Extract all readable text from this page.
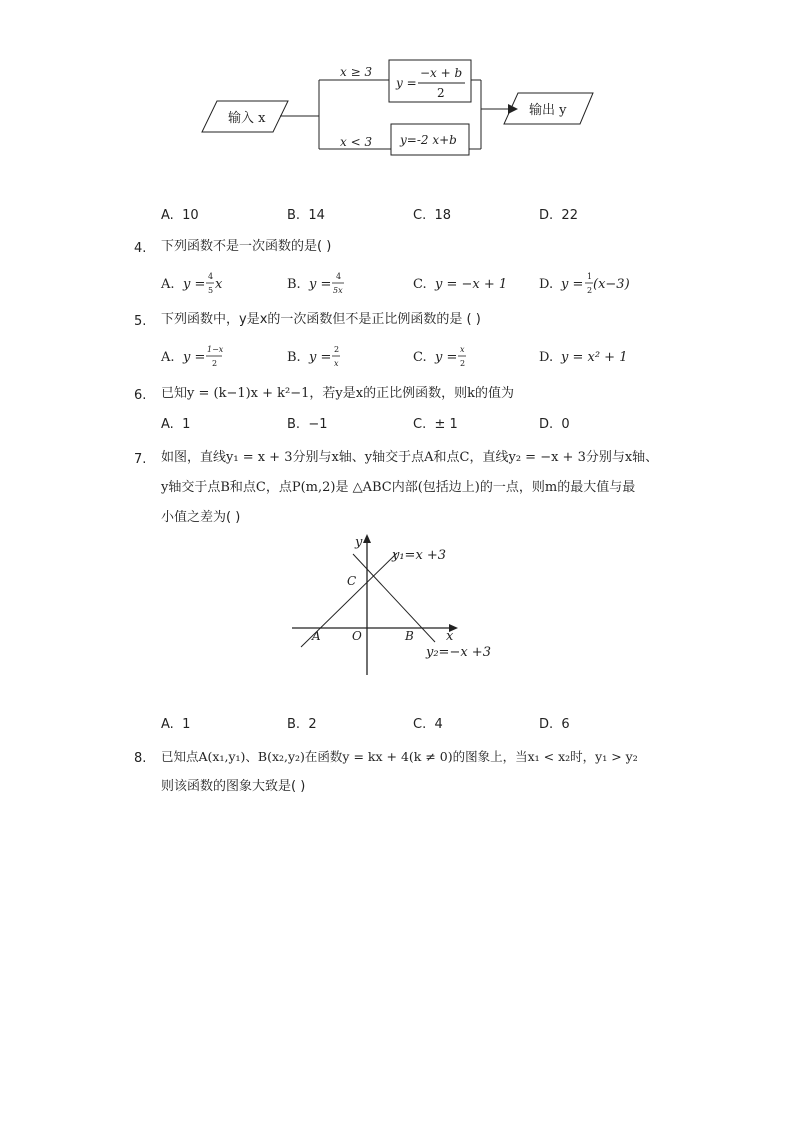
输入 x
x ≥ 3
x < 3
y =
−x + b
2
y=-2 x+b
输出 y
A. 10	B. 14	C. 18	D. 22
4. 下列函数不是一次函数的是( )
A. y =
4
5 x	B. y =
4
5x	C. y = −x + 1 D. y =
1
2 (x−3)
5. 下列函数中，y是x的一次函数但不是正比例函数的是 ( )
A. y =
1−x
2	B. y =
2
x	C. y =
x
2	D. y = x² + 1
6. 已知y = (k−1)x + k²−1，若y是x的正比例函数，则k的值为
A. 1	B. −1	C. ± 1	D. 0
7. 如图，直线y₁ = x + 3分别与x轴、y轴交于点A和点C，直线y₂ = −x + 3分别与x轴、
y轴交于点B和点C，点P(m,2)是 △ABC内部(包括边上)的一点，则m的最大值与最
小值之差为( )
y
x
y₁=x +3
y₂=−x +3
A	O	B
C
A. 1	B. 2	C. 4	D. 6
8. 已知点A(x₁,y₁)、B(x₂,y₂)在函数y = kx + 4(k ≠ 0)的图象上，当x₁ < x₂时，y₁ > y₂
则该函数的图象大致是( )
